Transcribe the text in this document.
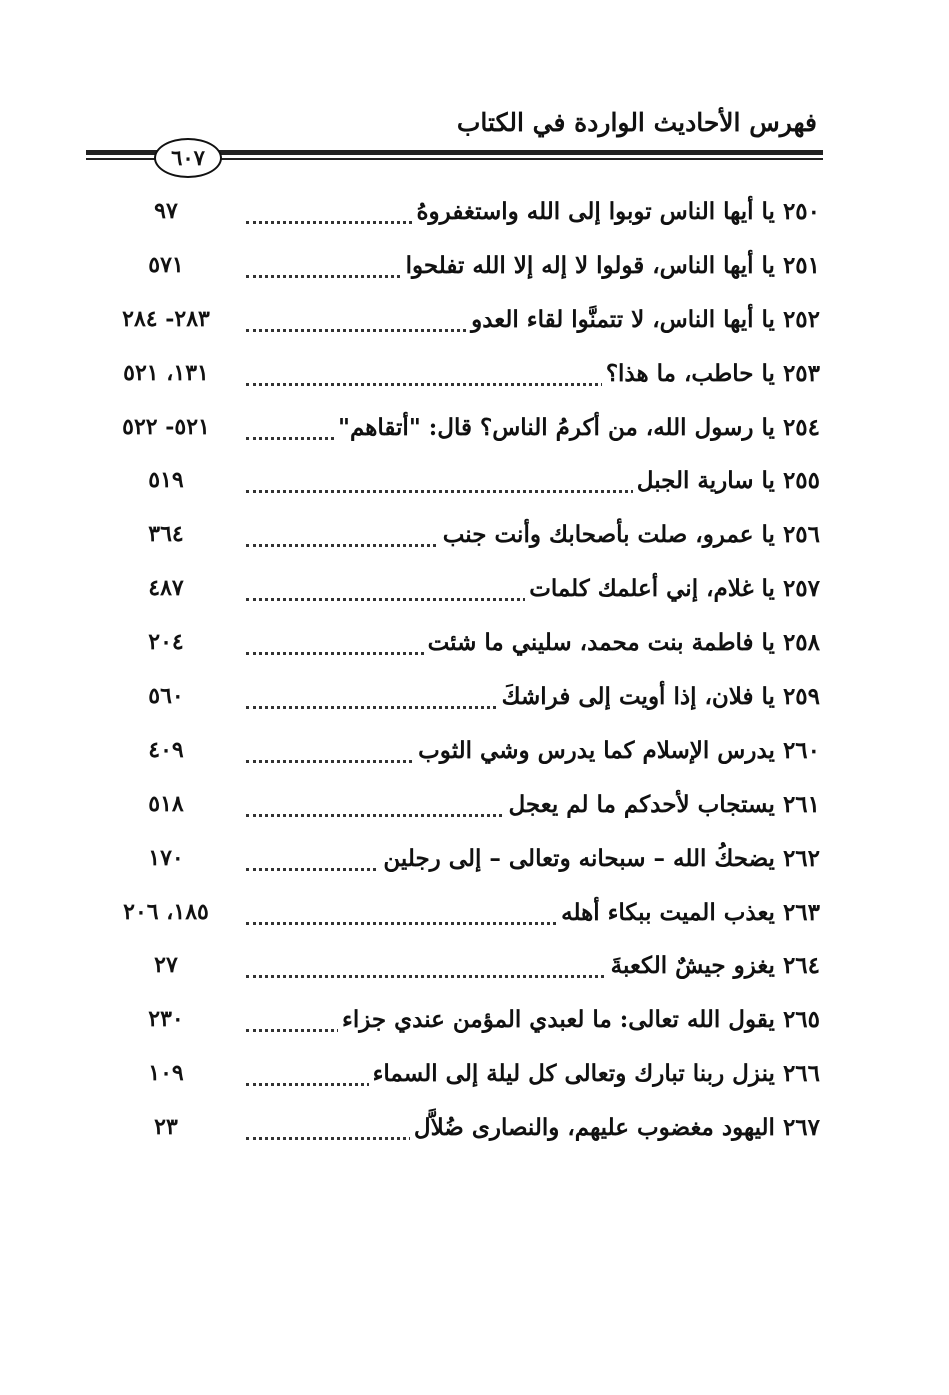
فهرس الأحاديث الواردة في الكتاب
٦٠٧
٢٥٠يا أيها الناس توبوا إلى الله واستغفروهُ
٩٧
٢٥١يا أيها الناس، قولوا لا إله إلا الله تفلحوا
٥٧١
٢٥٢يا أيها الناس، لا تتمنَّوا لقاء العدو
٢٨٣- ٢٨٤
٢٥٣يا حاطب، ما هذا؟
١٣١، ٥٢١
٢٥٤يا رسول الله، من أكرمُ الناس؟ قال: "أتقاهم"
٥٢١- ٥٢٢
٢٥٥يا سارية الجبل
٥١٩
٢٥٦يا عمرو، صلت بأصحابك وأنت جنب
٣٦٤
٢٥٧يا غلام، إني أعلمك كلمات
٤٨٧
٢٥٨يا فاطمة بنت محمد، سليني ما شئت
٢٠٤
٢٥٩يا فلان، إذا أويت إلى فراشكَ
٥٦٠
٢٦٠يدرس الإسلام كما يدرس وشي الثوب
٤٠٩
٢٦١يستجاب لأحدكم ما لم يعجل
٥١٨
٢٦٢يضحكُ الله – سبحانه وتعالى – إلى رجلين
١٧٠
٢٦٣يعذب الميت ببكاء أهله
١٨٥، ٢٠٦
٢٦٤يغزو جيشٌ الكعبةَ
٢٧
٢٦٥يقول الله تعالى: ما لعبدي المؤمن عندي جزاء
٢٣٠
٢٦٦ينزل ربنا تبارك وتعالى كل ليلة إلى السماء
١٠٩
٢٦٧اليهود مغضوب عليهم، والنصارى ضُلاَّل
٢٣
